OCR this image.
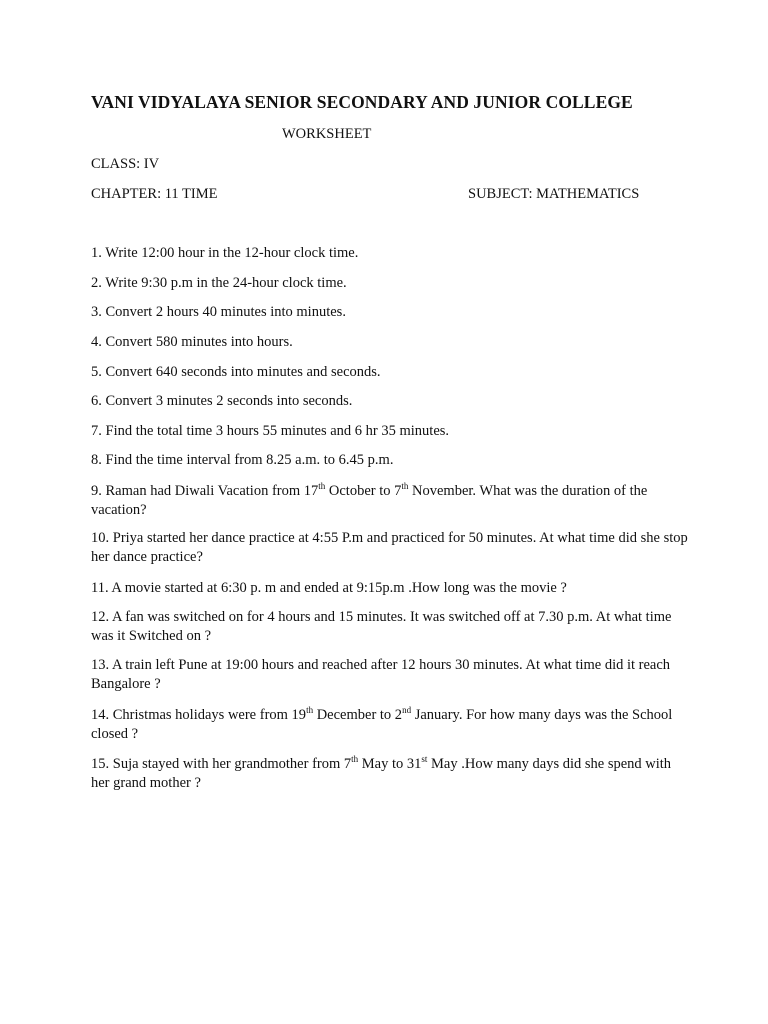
VANI VIDYALAYA SENIOR SECONDARY AND JUNIOR COLLEGE
WORKSHEET
CLASS: IV
CHAPTER: 11 TIME	SUBJECT: MATHEMATICS
1. Write 12:00 hour in the 12-hour clock time.
2. Write 9:30 p.m in the 24-hour clock time.
3. Convert 2 hours 40 minutes into minutes.
4. Convert 580 minutes into hours.
5. Convert 640 seconds into minutes and seconds.
6. Convert 3 minutes 2 seconds into seconds.
7. Find the total time 3 hours 55 minutes and 6 hr 35 minutes.
8. Find the time interval from 8.25 a.m. to 6.45 p.m.
9. Raman had Diwali Vacation from 17th October to 7th November. What was the duration of the vacation?
10. Priya started her dance practice at 4:55 P.m and practiced for 50 minutes. At what time did she stop her dance practice?
11. A movie started at 6:30 p. m and ended at 9:15p.m .How long was the movie ?
12. A fan was switched on for 4 hours and 15 minutes. It was switched off at 7.30 p.m. At what time was it Switched on ?
13. A train left Pune at 19:00 hours and reached after 12 hours 30 minutes. At what time did it reach Bangalore ?
14. Christmas holidays were from 19th December to 2nd January. For how many days was the School closed ?
15. Suja stayed with her grandmother from 7th May to 31st May .How many days did she spend with her grand mother ?
